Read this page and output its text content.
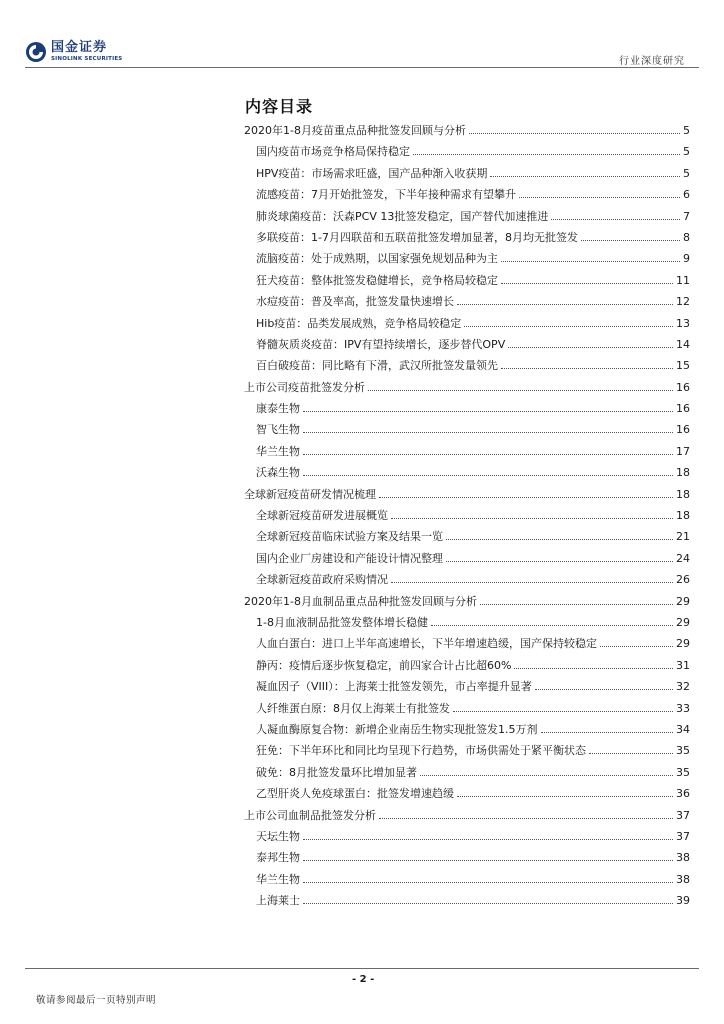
国金证券
SINOLINK SECURITIES	行业深度研究
内容目录
2020年1-8月疫苗重点品种批签发回顾与分析	5
国内疫苗市场竞争格局保持稳定	5
HPV疫苗：市场需求旺盛，国产品种渐入收获期	5
流感疫苗：7月开始批签发，下半年接种需求有望攀升	6
肺炎球菌疫苗：沃森PCV 13批签发稳定，国产替代加速推进	7
多联疫苗：1-7月四联苗和五联苗批签发增加显著，8月均无批签发	8
流脑疫苗：处于成熟期，以国家强免规划品种为主	9
狂犬疫苗：整体批签发稳健增长，竞争格局较稳定	11
水痘疫苗：普及率高，批签发量快速增长	12
Hib疫苗：品类发展成熟，竞争格局较稳定	13
脊髓灰质炎疫苗：IPV有望持续增长，逐步替代OPV	14
百白破疫苗：同比略有下滑，武汉所批签发量领先	15
上市公司疫苗批签发分析	16
康泰生物	16
智飞生物	16
华兰生物	17
沃森生物	18
全球新冠疫苗研发情况梳理	18
全球新冠疫苗研发进展概览	18
全球新冠疫苗临床试验方案及结果一览	21
国内企业厂房建设和产能设计情况整理	24
全球新冠疫苗政府采购情况	26
2020年1-8月血制品重点品种批签发回顾与分析	29
1-8月血液制品批签发整体增长稳健	29
人血白蛋白：进口上半年高速增长，下半年增速趋缓，国产保持较稳定	29
静丙：疫情后逐步恢复稳定，前四家合计占比超60%	31
凝血因子（VIII）：上海莱士批签发领先，市占率提升显著	32
人纤维蛋白原：8月仅上海莱士有批签发	33
人凝血酶原复合物：新增企业南岳生物实现批签发1.5万剂	34
狂免：下半年环比和同比均呈现下行趋势，市场供需处于紧平衡状态	35
破免：8月批签发量环比增加显著	35
乙型肝炎人免疫球蛋白：批签发增速趋缓	36
上市公司血制品批签发分析	37
天坛生物	37
泰邦生物	38
华兰生物	38
上海莱士	39
- 2 -
敬请参阅最后一页特别声明
